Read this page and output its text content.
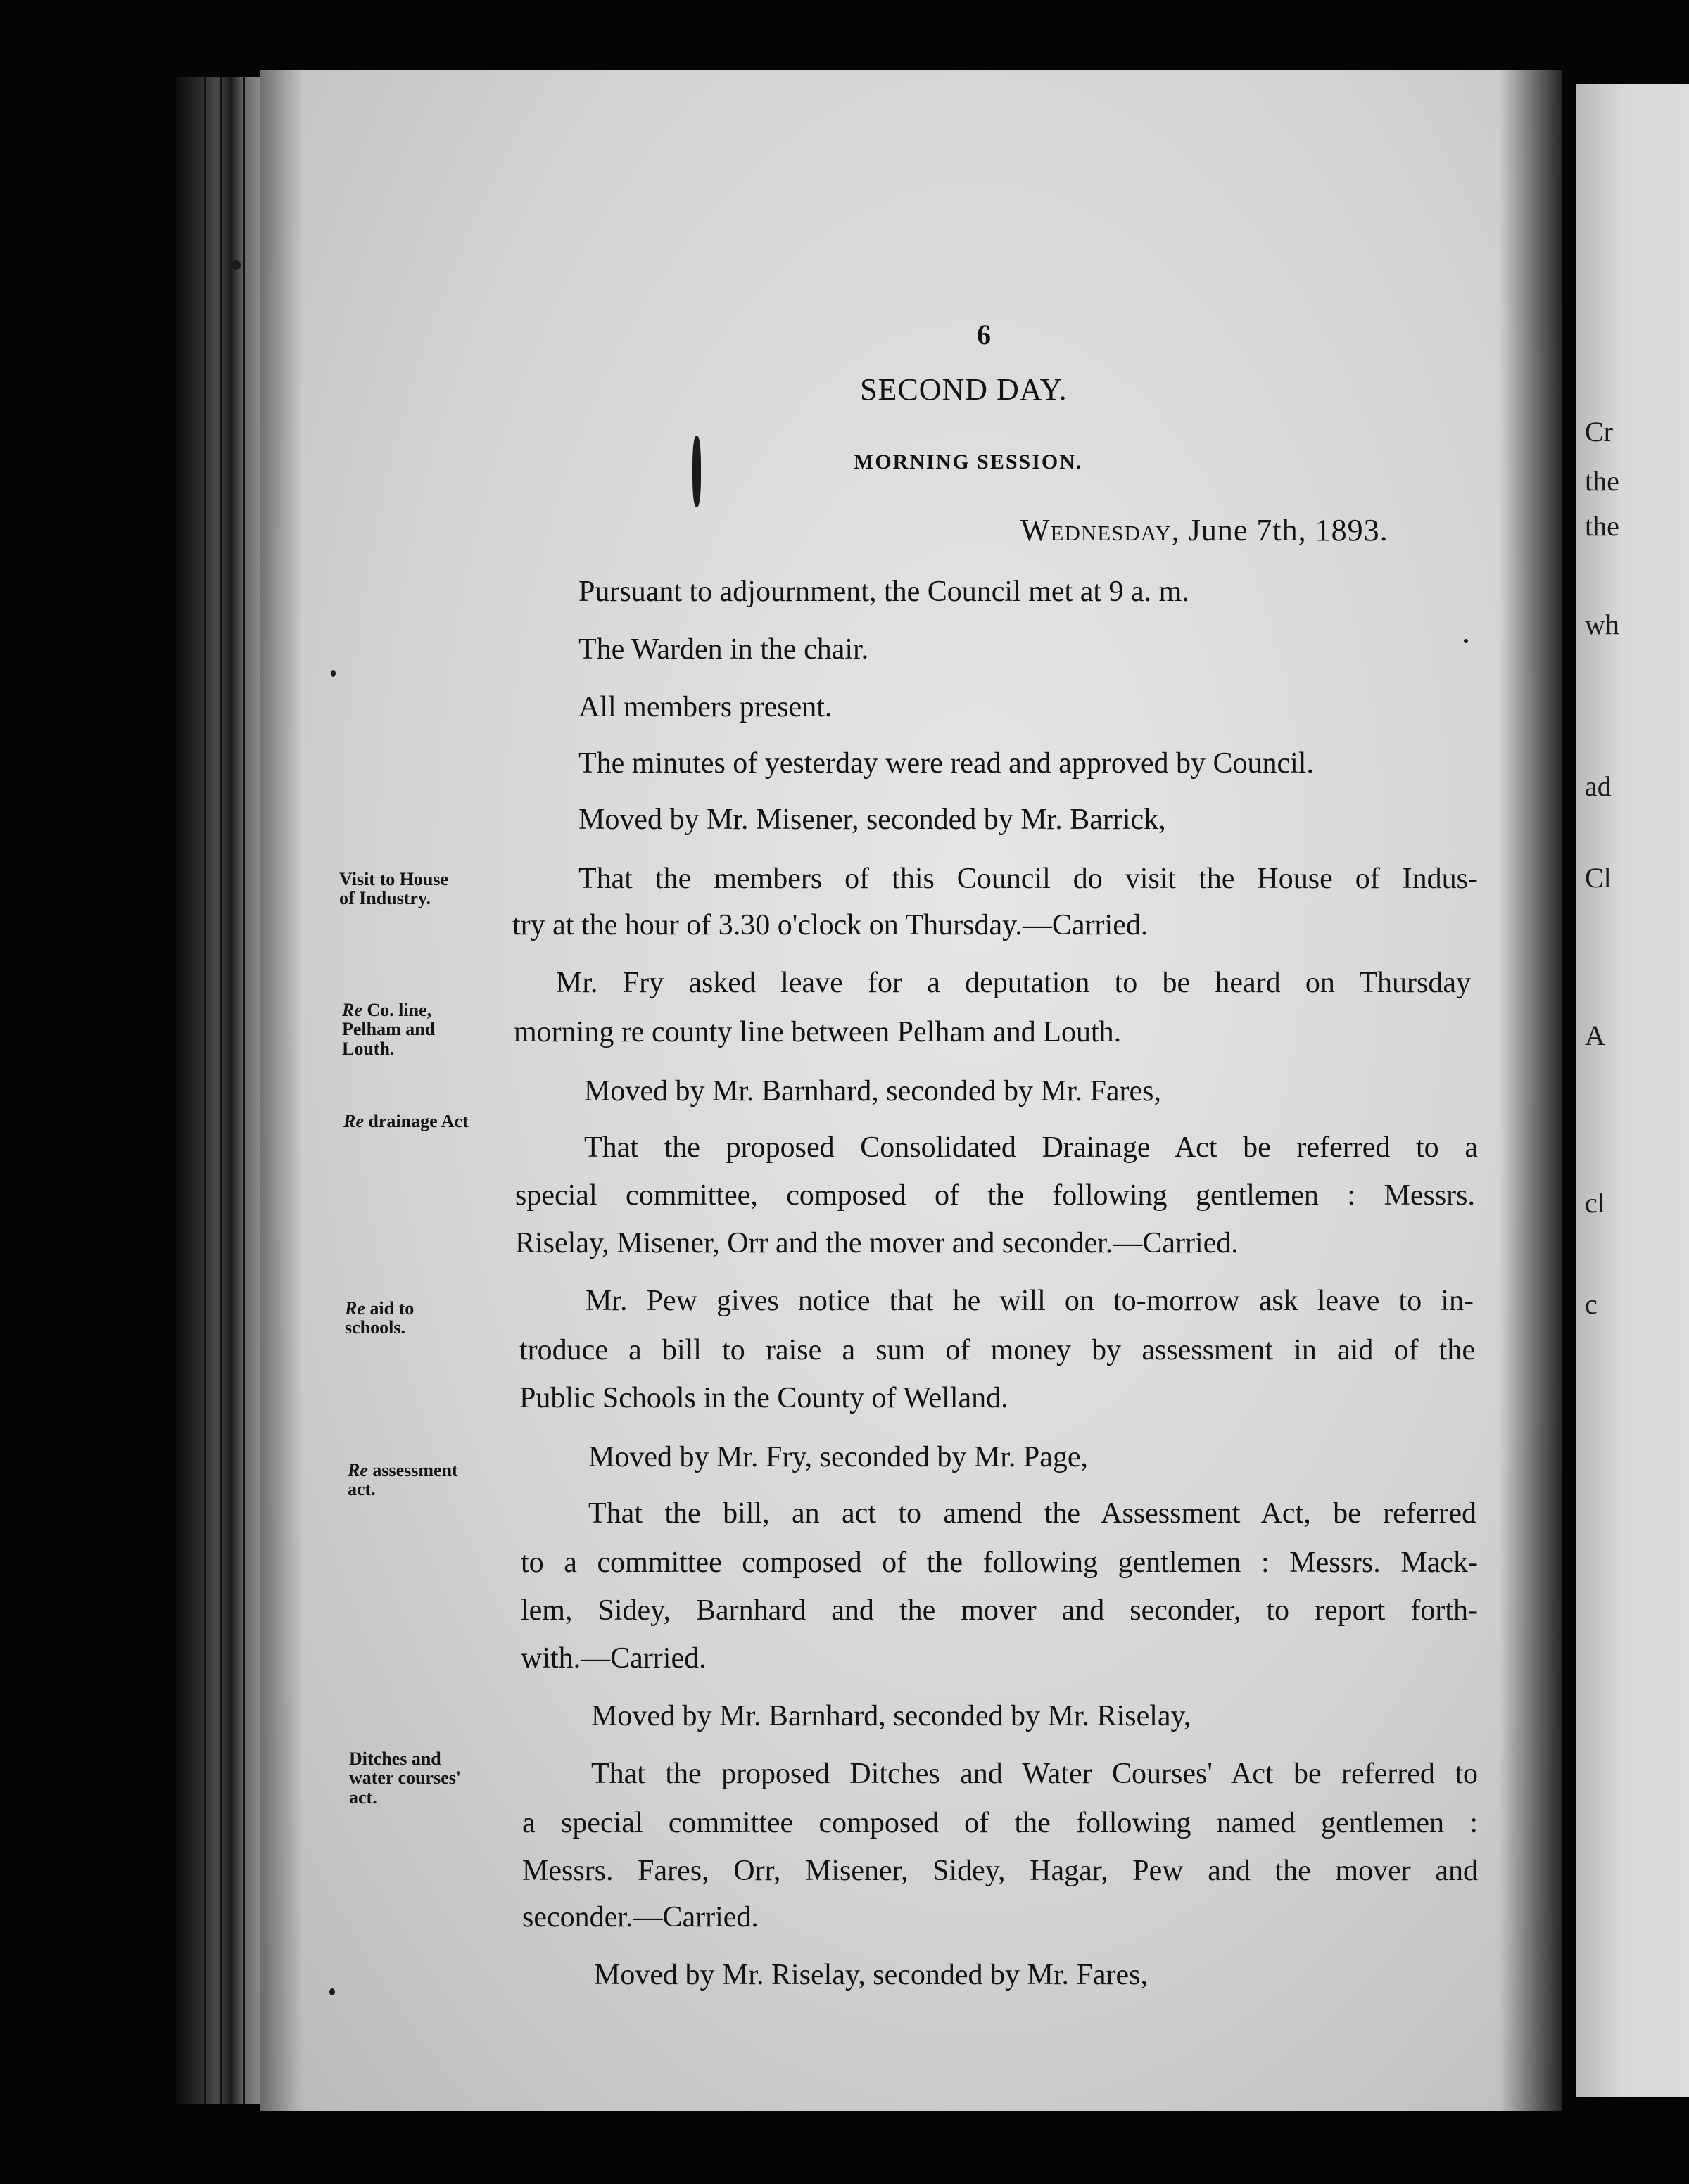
6
SECOND DAY.
MORNING SESSION.
Wednesday, June 7th, 1893.
Pursuant to adjournment, the Council met at 9 a. m.
The Warden in the chair.
All members present.
The minutes of yesterday were read and approved by Council.
Moved by Mr. Misener, seconded by Mr. Barrick,
That the members of this Council do visit the House of Indus-
try at the hour of 3.30 o'clock on Thursday.—Carried.
Mr. Fry asked leave for a deputation to be heard on Thursday
morning re county line between Pelham and Louth.
Moved by Mr. Barnhard, seconded by Mr. Fares,
That the proposed Consolidated Drainage Act be referred to a
special committee, composed of the following gentlemen : Messrs.
Riselay, Misener, Orr and the mover and seconder.—Carried.
Mr. Pew gives notice that he will on to-morrow ask leave to in-
troduce a bill to raise a sum of money by assessment in aid of the
Public Schools in the County of Welland.
Moved by Mr. Fry, seconded by Mr. Page,
That the bill, an act to amend the Assessment Act, be referred
to a committee composed of the following gentlemen : Messrs. Mack-
lem, Sidey, Barnhard and the mover and seconder, to report forth-
with.—Carried.
Moved by Mr. Barnhard, seconded by Mr. Riselay,
That the proposed Ditches and Water Courses' Act be referred to
a special committee composed of the following named gentlemen :
Messrs. Fares, Orr, Misener, Sidey, Hagar, Pew and the mover and
seconder.—Carried.
Moved by Mr. Riselay, seconded by Mr. Fares,
Visit to House
of Industry.
Re Co. line,
Pelham and
Louth.
Re drainage Act
Re aid to
schools.
Re assessment
act.
Ditches and
water courses'
act.
Cr
the
the
wh
ad
Cl
A
cl
c
